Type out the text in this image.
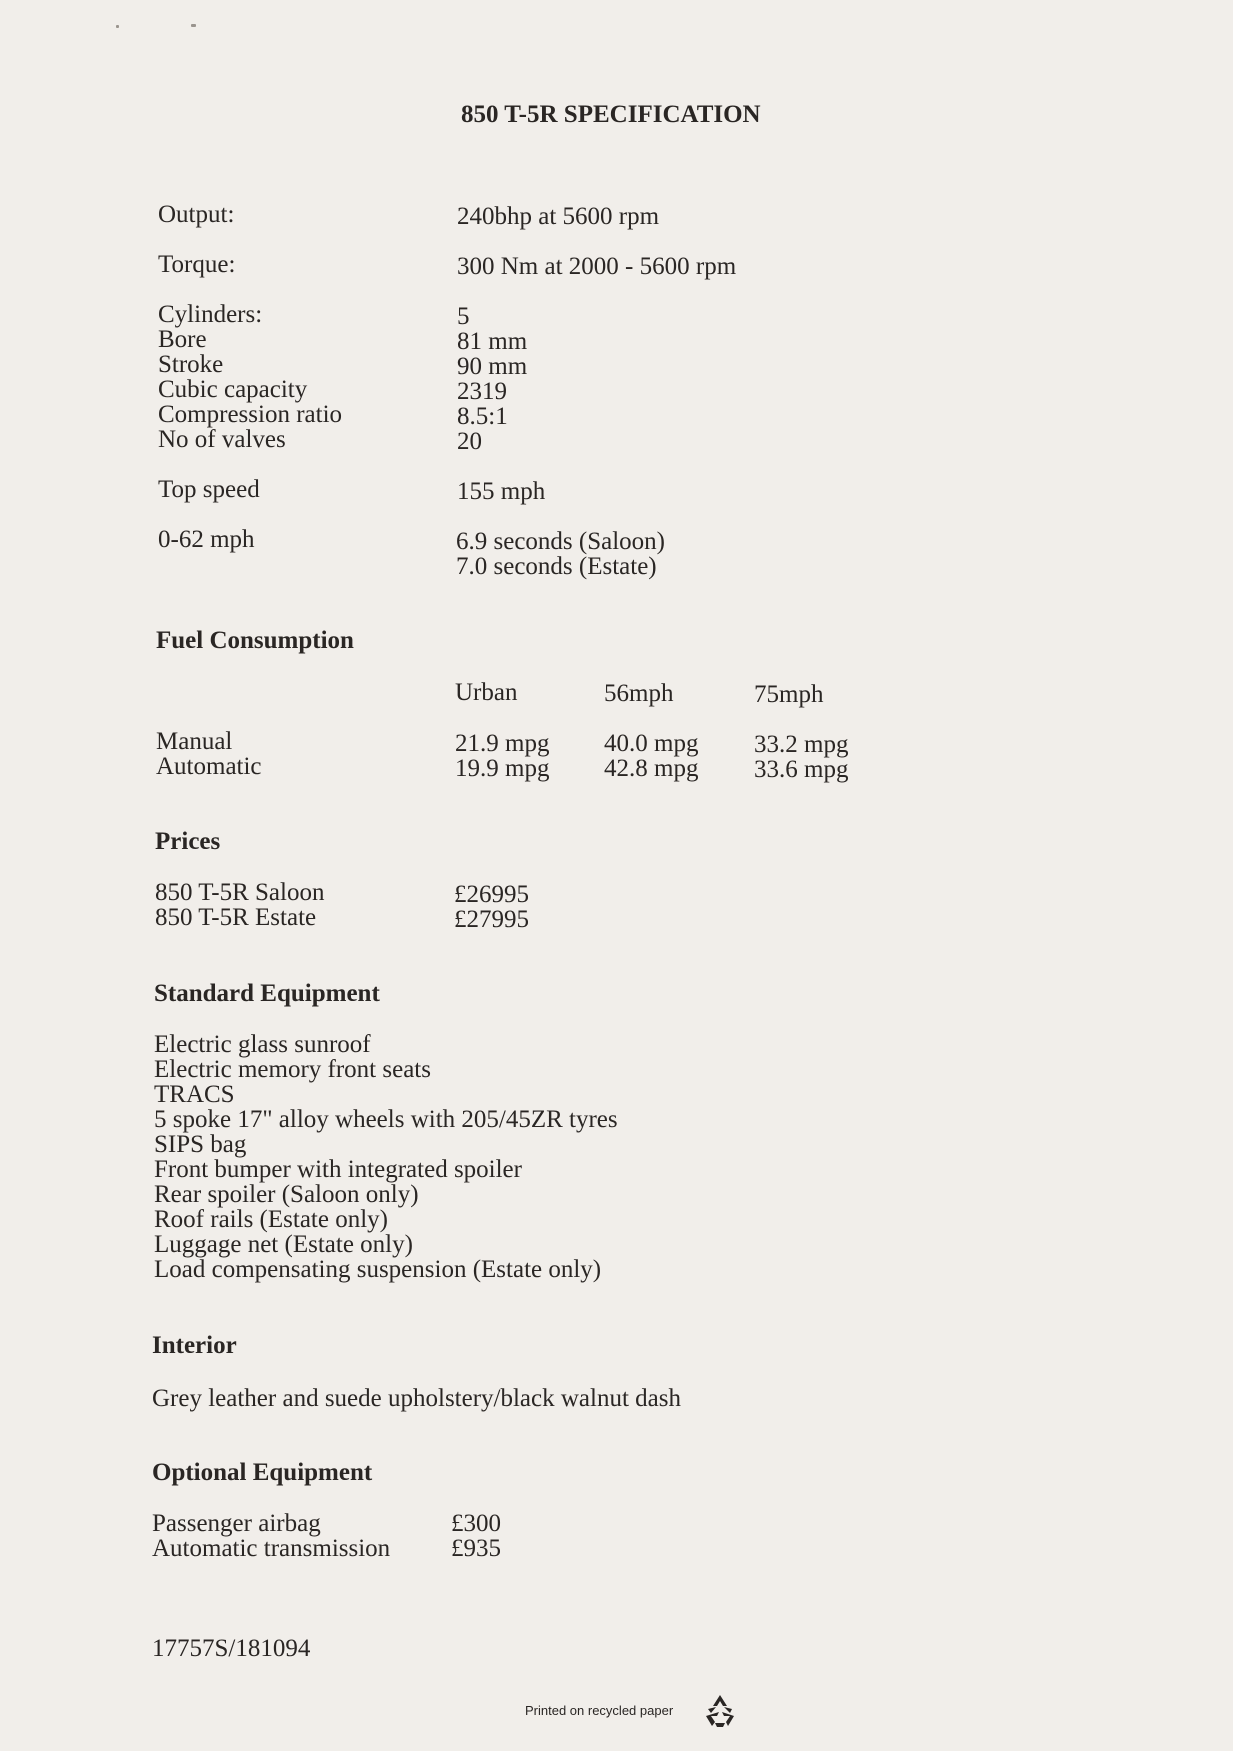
850 T-5R SPECIFICATION
Output:	240bhp at 5600 rpm
Torque:	300 Nm at 2000 - 5600 rpm
Cylinders:	5
Bore	81 mm
Stroke	90 mm
Cubic capacity	2319
Compression ratio	8.5:1
No of valves	20
Top speed	155 mph
0-62 mph	6.9 seconds (Saloon)
7.0 seconds (Estate)
Fuel Consumption
Urban	56mph	75mph
Manual	21.9 mpg 40.0 mpg 33.2 mpg
Automatic	19.9 mpg 42.8 mpg 33.6 mpg
Prices
850 T-5R Saloon	£26995
850 T-5R Estate	£27995
Standard Equipment
Electric glass sunroof
Electric memory front seats
TRACS
5 spoke 17" alloy wheels with 205/45ZR tyres
SIPS bag
Front bumper with integrated spoiler
Rear spoiler (Saloon only)
Roof rails (Estate only)
Luggage net (Estate only)
Load compensating suspension (Estate only)
Interior
Grey leather and suede upholstery/black walnut dash
Optional Equipment
Passenger airbag	£300
Automatic transmission £935
17757S/181094
Printed on recycled paper
